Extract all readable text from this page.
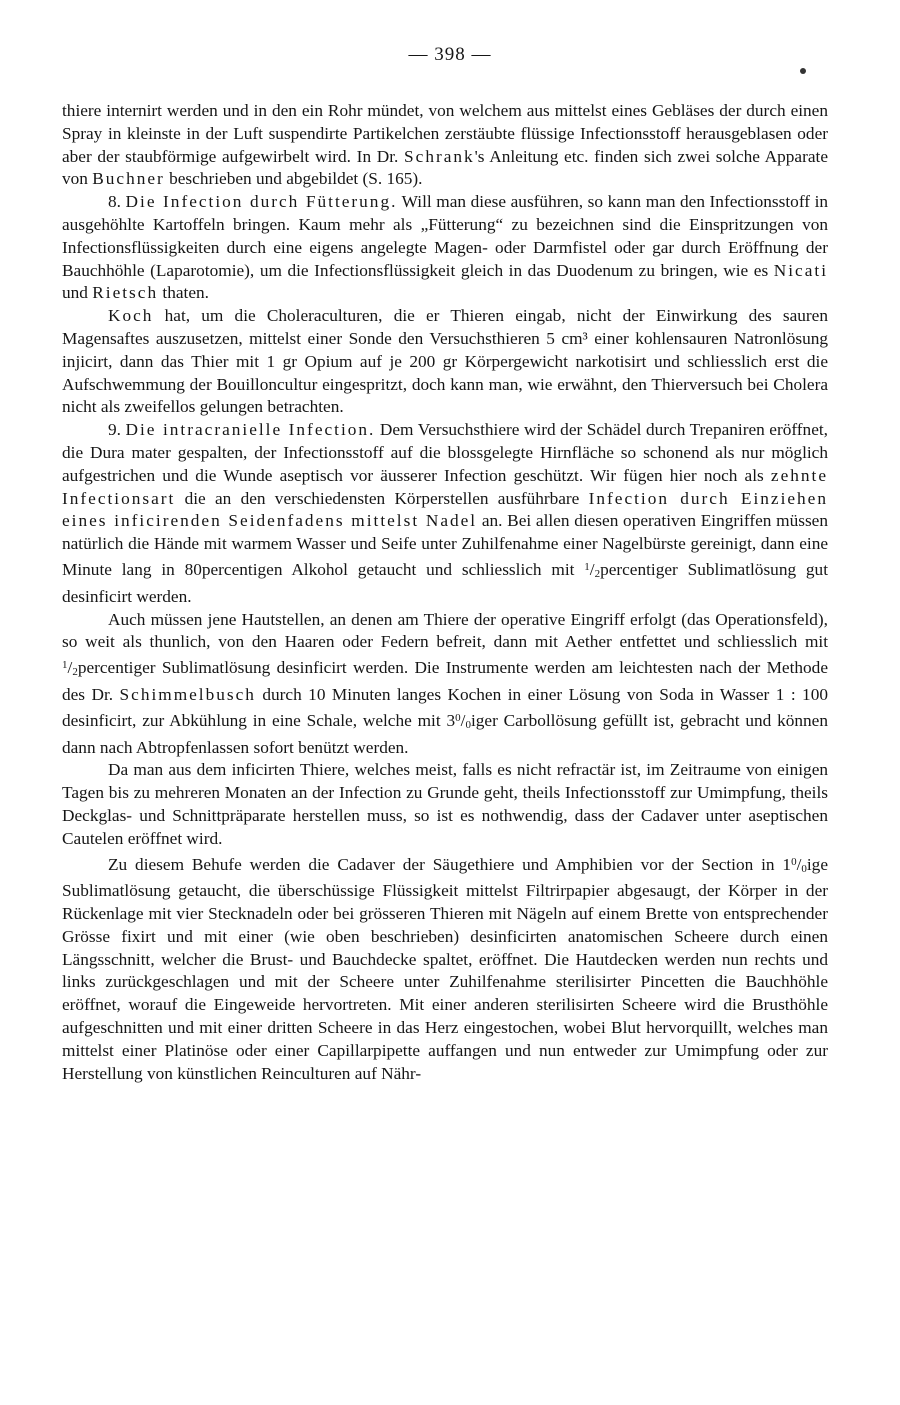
— 398 —

thiere internirt werden und in den ein Rohr mündet, von welchem aus mittelst eines Gebläses der durch einen Spray in kleinste in der Luft suspendirte Partikelchen zerstäubte flüssige Infectionsstoff herausgeblasen oder aber der staubförmige aufgewirbelt wird. In Dr. Schrank's Anleitung etc. finden sich zwei solche Apparate von Buchner beschrieben und abgebildet (S. 165).

8. Die Infection durch Fütterung. Will man diese ausführen, so kann man den Infectionsstoff in ausgehöhlte Kartoffeln bringen. Kaum mehr als „Fütterung“ zu bezeichnen sind die Einspritzungen von Infectionsflüssigkeiten durch eine eigens angelegte Magen- oder Darmfistel oder gar durch Eröffnung der Bauchhöhle (Laparotomie), um die Infectionsflüssigkeit gleich in das Duodenum zu bringen, wie es Nicati und Rietsch thaten.

Koch hat, um die Choleraculturen, die er Thieren eingab, nicht der Einwirkung des sauren Magensaftes auszusetzen, mittelst einer Sonde den Versuchsthieren 5 cm³ einer kohlensauren Natronlösung injicirt, dann das Thier mit 1 gr Opium auf je 200 gr Körpergewicht narkotisirt und schliesslich erst die Aufschwemmung der Bouilloncultur eingespritzt, doch kann man, wie erwähnt, den Thierversuch bei Cholera nicht als zweifellos gelungen betrachten.

9. Die intracranielle Infection. Dem Versuchsthiere wird der Schädel durch Trepaniren eröffnet, die Dura mater gespalten, der Infectionsstoff auf die blossgelegte Hirnfläche so schonend als nur möglich aufgestrichen und die Wunde aseptisch vor äusserer Infection geschützt. Wir fügen hier noch als zehnte Infectionsart die an den verschiedensten Körperstellen ausführbare Infection durch Einziehen eines inficirenden Seidenfadens mittelst Nadel an. Bei allen diesen operativen Eingriffen müssen natürlich die Hände mit warmem Wasser und Seife unter Zuhilfenahme einer Nagelbürste gereinigt, dann eine Minute lang in 80percentigen Alkohol getaucht und schliesslich mit $^1$/2percentiger Sublimatlösung gut desinficirt werden.

Auch müssen jene Hautstellen, an denen am Thiere der operative Eingriff erfolgt (das Operationsfeld), so weit als thunlich, von den Haaren oder Federn befreit, dann mit Aether entfettet und schliesslich mit $^1$/2percentiger Sublimatlösung desinficirt werden. Die Instrumente werden am leichtesten nach der Methode des Dr. Schimmelbusch durch 10 Minuten langes Kochen in einer Lösung von Soda in Wasser 1 : 100 desinficirt, zur Abkühlung in eine Schale, welche mit $3^0/0iger$ Carbollösung gefüllt ist, gebracht und können dann nach Abtropfenlassen sofort benützt werden.

Da man aus dem inficirten Thiere, welches meist, falls es nicht refractär ist, im Zeitraume von einigen Tagen bis zu mehreren Monaten an der Infection zu Grunde geht, theils Infectionsstoff zur Umimpfung, theils Deckglas- und Schnittpräparate herstellen muss, so ist es nothwendig, dass der Cadaver unter aseptischen Cautelen eröffnet wird.

Zu diesem Behufe werden die Cadaver der Säugethiere und Amphibien vor der Section in $1^0/0ige$ Sublimatlösung getaucht, die überschüssige Flüssigkeit mittelst Filtrirpapier abgesaugt, der Körper in der Rückenlage mit vier Stecknadeln oder bei grösseren Thieren mit Nägeln auf einem Brette von entsprechender Grösse fixirt und mit einer (wie oben beschrieben) desinficirten anatomischen Scheere durch einen Längsschnitt, welcher die Brust- und Bauchdecke spaltet, eröffnet. Die Hautdecken werden nun rechts und links zurückgeschlagen und mit der Scheere unter Zuhilfenahme sterilisirter Pincetten die Bauchhöhle eröffnet, worauf die Eingeweide hervortreten. Mit einer anderen sterilisirten Scheere wird die Brusthöhle aufgeschnitten und mit einer dritten Scheere in das Herz eingestochen, wobei Blut hervorquillt, welches man mittelst einer Platinöse oder einer Capillarpipette auffangen und nun entweder zur Umimpfung oder zur Herstellung von künstlichen Reinculturen auf Nähr-
